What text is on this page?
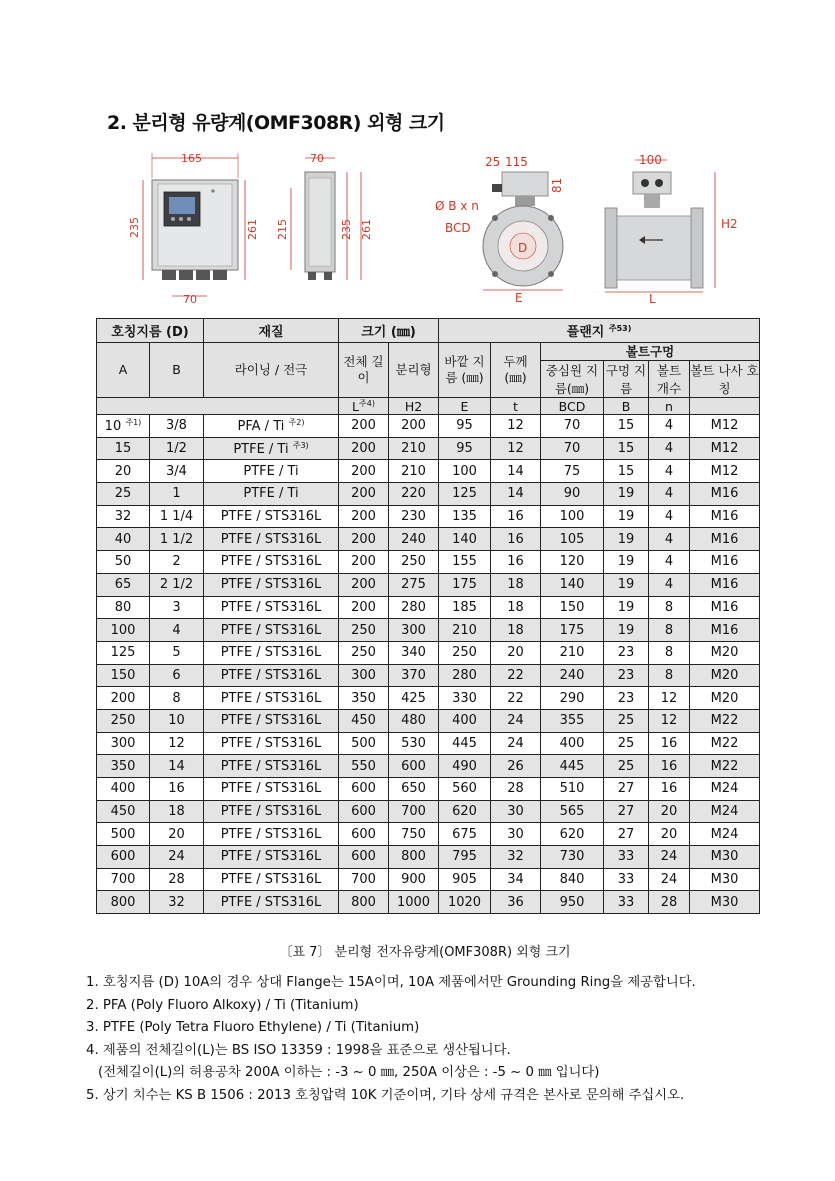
2. 분리형 유량계(OMF308R) 외형 크기
165
235	261
70
70
215	235 261
25 115
81
Ø B x n
BCD
D
E
100
H2
L
호칭지름 (D)		재질	크기 (㎜)		플랜지 $^{주53)}$
A	B	라이닝 / 전극	전체 길이	분리형	바깥 지름 (㎜)	두께 (㎜)	볼트구멍			
							중심원 지름(㎜)	구멍 지름	볼트 개수	볼트 나사 호칭

			$L^{주4)}$	H2	E	t	BCD	B	n	
10 $^{주1)}$	3/8	PFA / Ti $^{주2)}$	200	200	95	12	70	15	4	M12
15	1/2	PTFE / Ti $^{주3)}$	200	210	95	12	70	15	4	M12
20	3/4	PTFE / Ti	200	210	100	14	75	15	4	M12
25	1	PTFE / Ti	200	220	125	14	90	19	4	M16
32	1 1/4	PTFE / STS316L	200	230	135	16	100	19	4	M16
40	1 1/2	PTFE / STS316L	200	240	140	16	105	19	4	M16
50	2	PTFE / STS316L	200	250	155	16	120	19	4	M16
65	2 1/2	PTFE / STS316L	200	275	175	18	140	19	4	M16
80	3	PTFE / STS316L	200	280	185	18	150	19	8	M16
100	4	PTFE / STS316L	250	300	210	18	175	19	8	M16
125	5	PTFE / STS316L	250	340	250	20	210	23	8	M20
150	6	PTFE / STS316L	300	370	280	22	240	23	8	M20
200	8	PTFE / STS316L	350	425	330	22	290	23	12	M20
250	10	PTFE / STS316L	450	480	400	24	355	25	12	M22
300	12	PTFE / STS316L	500	530	445	24	400	25	16	M22
350	14	PTFE / STS316L	550	600	490	26	445	25	16	M22
400	16	PTFE / STS316L	600	650	560	28	510	27	16	M24
450	18	PTFE / STS316L	600	700	620	30	565	27	20	M24
500	20	PTFE / STS316L	600	750	675	30	620	27	20	M24
600	24	PTFE / STS316L	600	800	795	32	730	33	24	M30
700	28	PTFE / STS316L	700	900	905	34	840	33	24	M30
800	32	PTFE / STS316L	800	1000	1020	36	950	33	28	M30
〔표 7〕 분리형 전자유량계(OMF308R) 외형 크기
1. 호칭지름 (D) 10A의 경우 상대 Flange는 15A이며, 10A 제품에서만 Grounding Ring을 제공합니다.
2. PFA (Poly Fluoro Alkoxy) / Ti (Titanium)
3. PTFE (Poly Tetra Fluoro Ethylene) / Ti (Titanium)
4. 제품의 전체길이(L)는 BS ISO 13359 : 1998을 표준으로 생산됩니다.
(전체길이(L)의 허용공차 200A 이하는 : -3 ~ 0 ㎜, 250A 이상은 : -5 ~ 0 ㎜ 입니다)
5. 상기 치수는 KS B 1506 : 2013 호칭압력 10K 기준이며, 기타 상세 규격은 본사로 문의해 주십시오.
